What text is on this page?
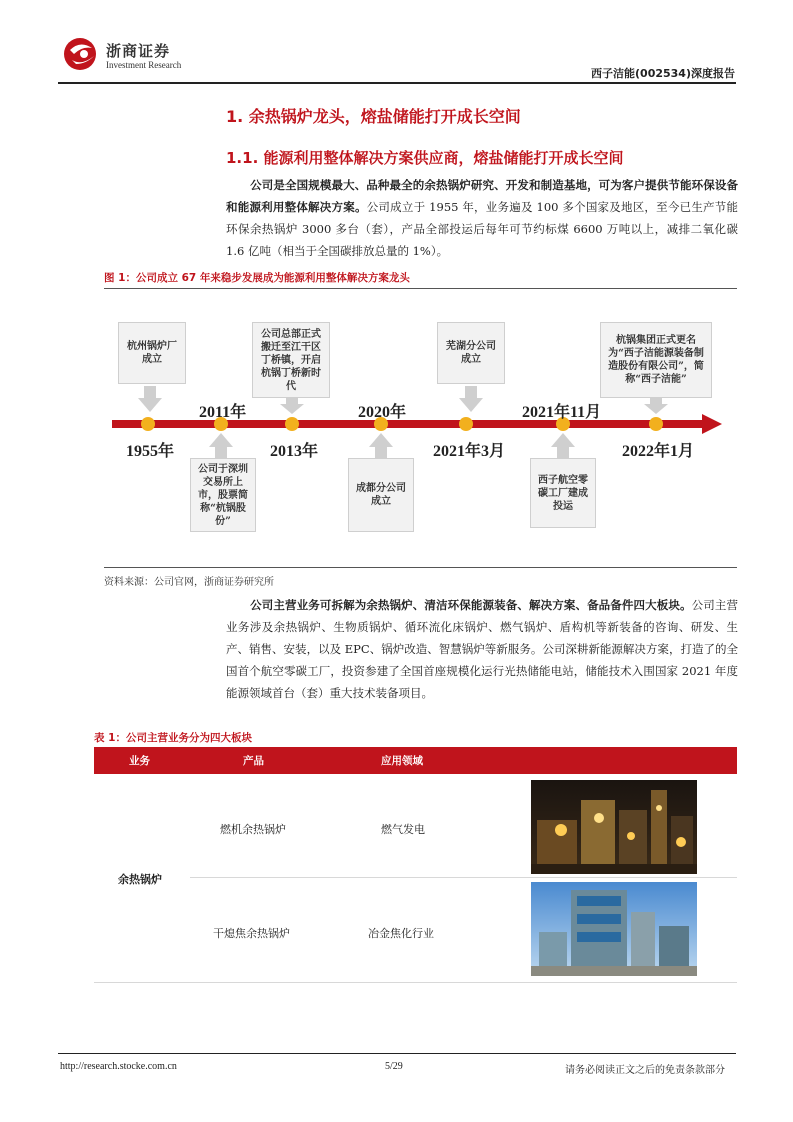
浙商证券
Investment Research
西子洁能(002534)深度报告
1. 余热锅炉龙头，熔盐储能打开成长空间
1.1. 能源利用整体解决方案供应商，熔盐储能打开成长空间
公司是全国规模最大、品种最全的余热锅炉研究、开发和制造基地，可为客户提供节能环保设备和能源利用整体解决方案。公司成立于 1955 年，业务遍及 100 多个国家及地区，至今已生产节能环保余热锅炉 3000 多台（套），产品全部投运后每年可节约标煤 6600 万吨以上，减排二氧化碳 1.6 亿吨（相当于全国碳排放总量的 1%）。
图 1：公司成立 67 年来稳步发展成为能源利用整体解决方案龙头
1955年	2013年	2021年3月	2022年1月
2011年	2020年	2021年11月
杭州锅炉厂成立
公司总部正式搬迁至江干区丁桥镇，开启杭锅丁桥新时代
芜湖分公司成立
杭锅集团正式更名为“西子洁能源装备制造股份有限公司”，简称“西子洁能”
公司于深圳交易所上市，股票简称“杭锅股份”
成都分公司成立
西子航空零碳工厂建成投运
资料来源：公司官网，浙商证券研究所
公司主营业务可拆解为余热锅炉、清洁环保能源装备、解决方案、备品备件四大板块。公司主营业务涉及余热锅炉、生物质锅炉、循环流化床锅炉、燃气锅炉、盾构机等新装备的咨询、研发、生产、销售、安装，以及 EPC、锅炉改造、智慧锅炉等新服务。公司深耕新能源解决方案，打造了的全国首个航空零碳工厂，投资参建了全国首座规模化运行光热储能电站，储能技术入围国家 2021 年度能源领域首台（套）重大技术装备项目。
表 1：公司主营业务分为四大板块
业务	产品	应用领域
余热锅炉
燃机余热锅炉	燃气发电
干熄焦余热锅炉	冶金焦化行业
http://research.stocke.com.cn	5/29	请务必阅读正文之后的免责条款部分
